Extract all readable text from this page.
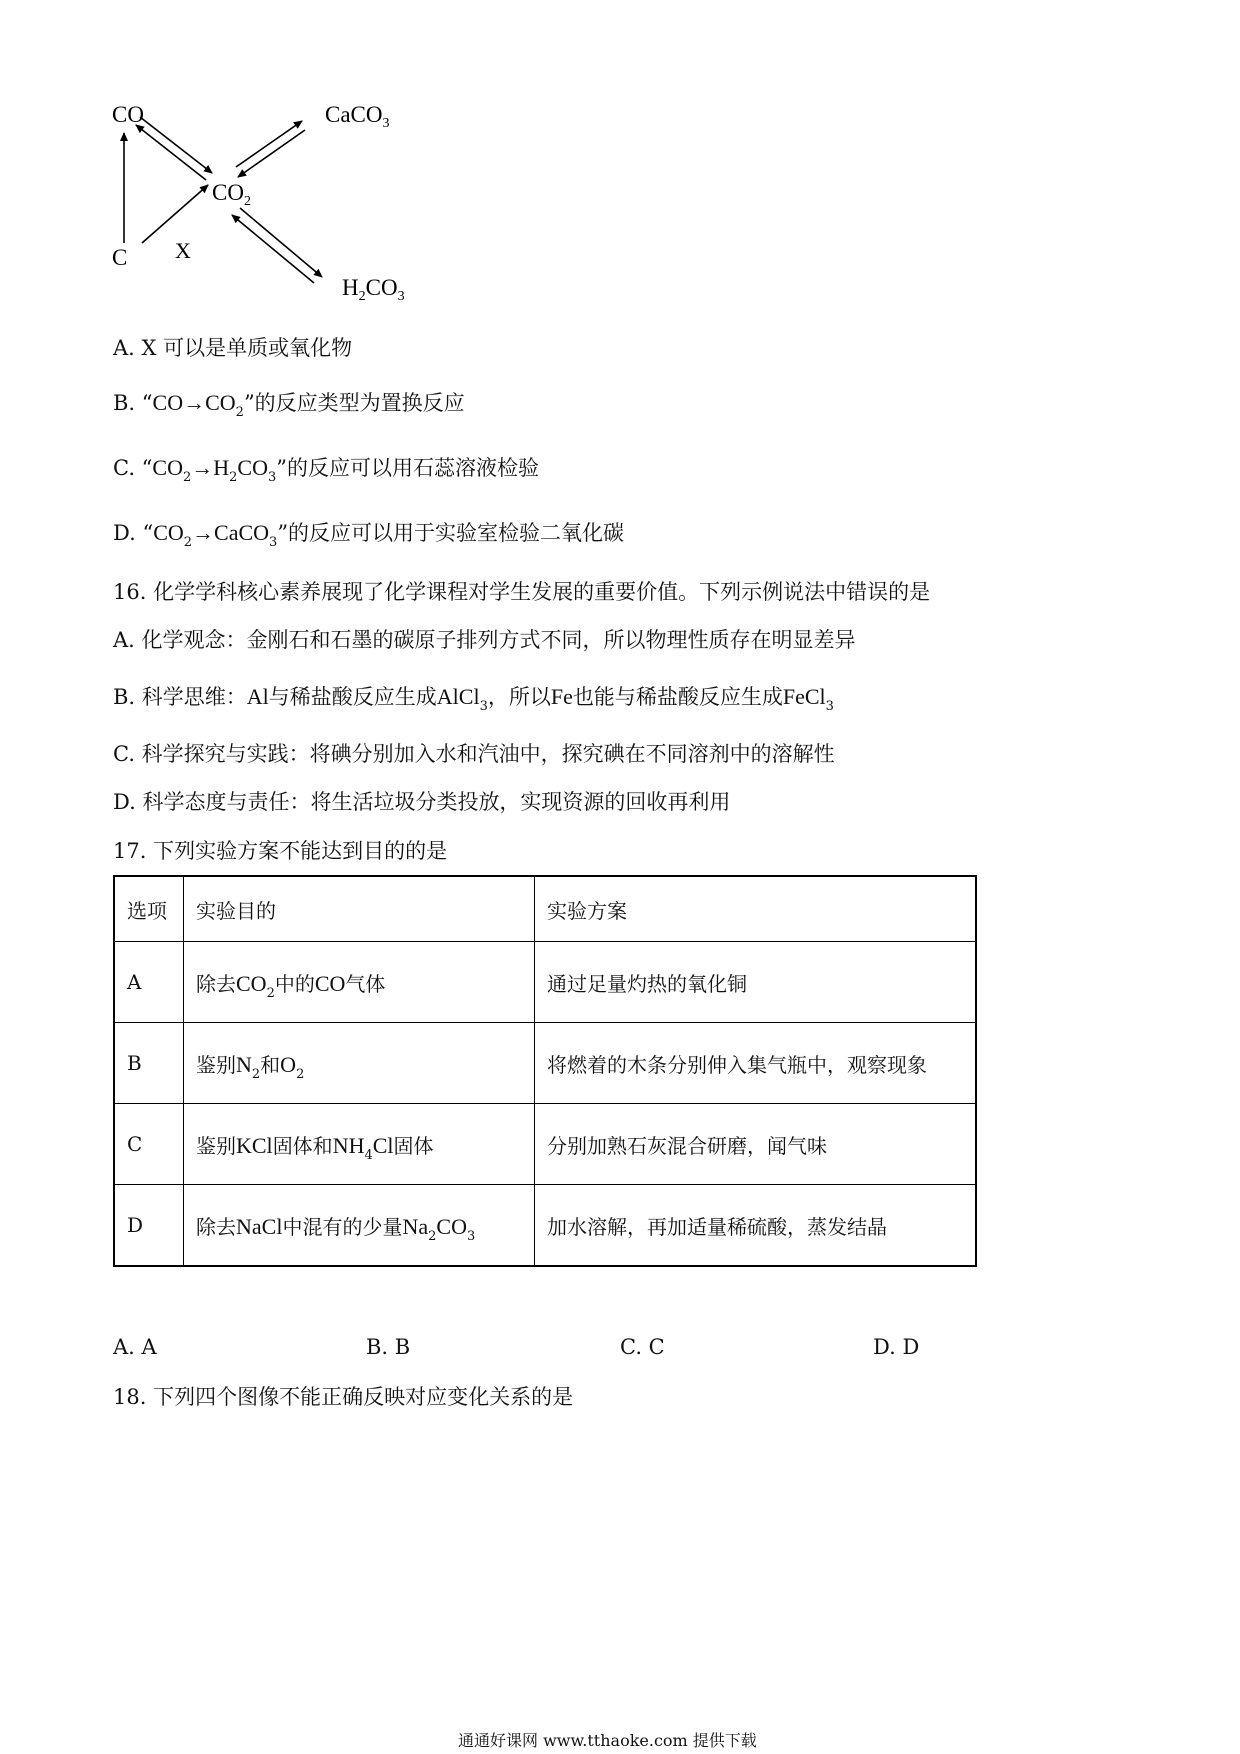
CO	CaCO$_3$
$CO_2$
C X
$H_2CO_3$
A. X 可以是单质或氧化物
B. “$CO\to CO_2$”的反应类型为置换反应
C. “$CO_2\to H_2CO_3$”的反应可以用石蕊溶液检验
D. “$CO_2\to CaCO_3$”的反应可以用于实验室检验二氧化碳
16. 化学学科核心素养展现了化学课程对学生发展的重要价值。下列示例说法中错误的是
A. 化学观念：金刚石和石墨的碳原子排列方式不同，所以物理性质存在明显差异
B. 科学思维：Al与稀盐酸反应生成AlCl$_3$，所以Fe也能与稀盐酸反应生成FeCl$_3$
C. 科学探究与实践：将碘分别加入水和汽油中，探究碘在不同溶剂中的溶解性
D. 科学态度与责任：将生活垃圾分类投放，实现资源的回收再利用
17. 下列实验方案不能达到目的的是
选项	实验目的	实验方案
A	除去$CO_2$中的CO气体	通过足量灼热的氧化铜
B	鉴别$N_2$和$O_2$	将燃着的木条分别伸入集气瓶中，观察现象
C	鉴别KCl固体和$NH_4Cl$固体	分别加熟石灰混合研磨，闻气味
D	除去NaCl中混有的少量$Na_2CO_3$	加水溶解，再加适量稀硫酸，蒸发结晶
A. A	B. B	C. C	D. D
18. 下列四个图像不能正确反映对应变化关系的是
通通好课网 www.tthaoke.com 提供下载
